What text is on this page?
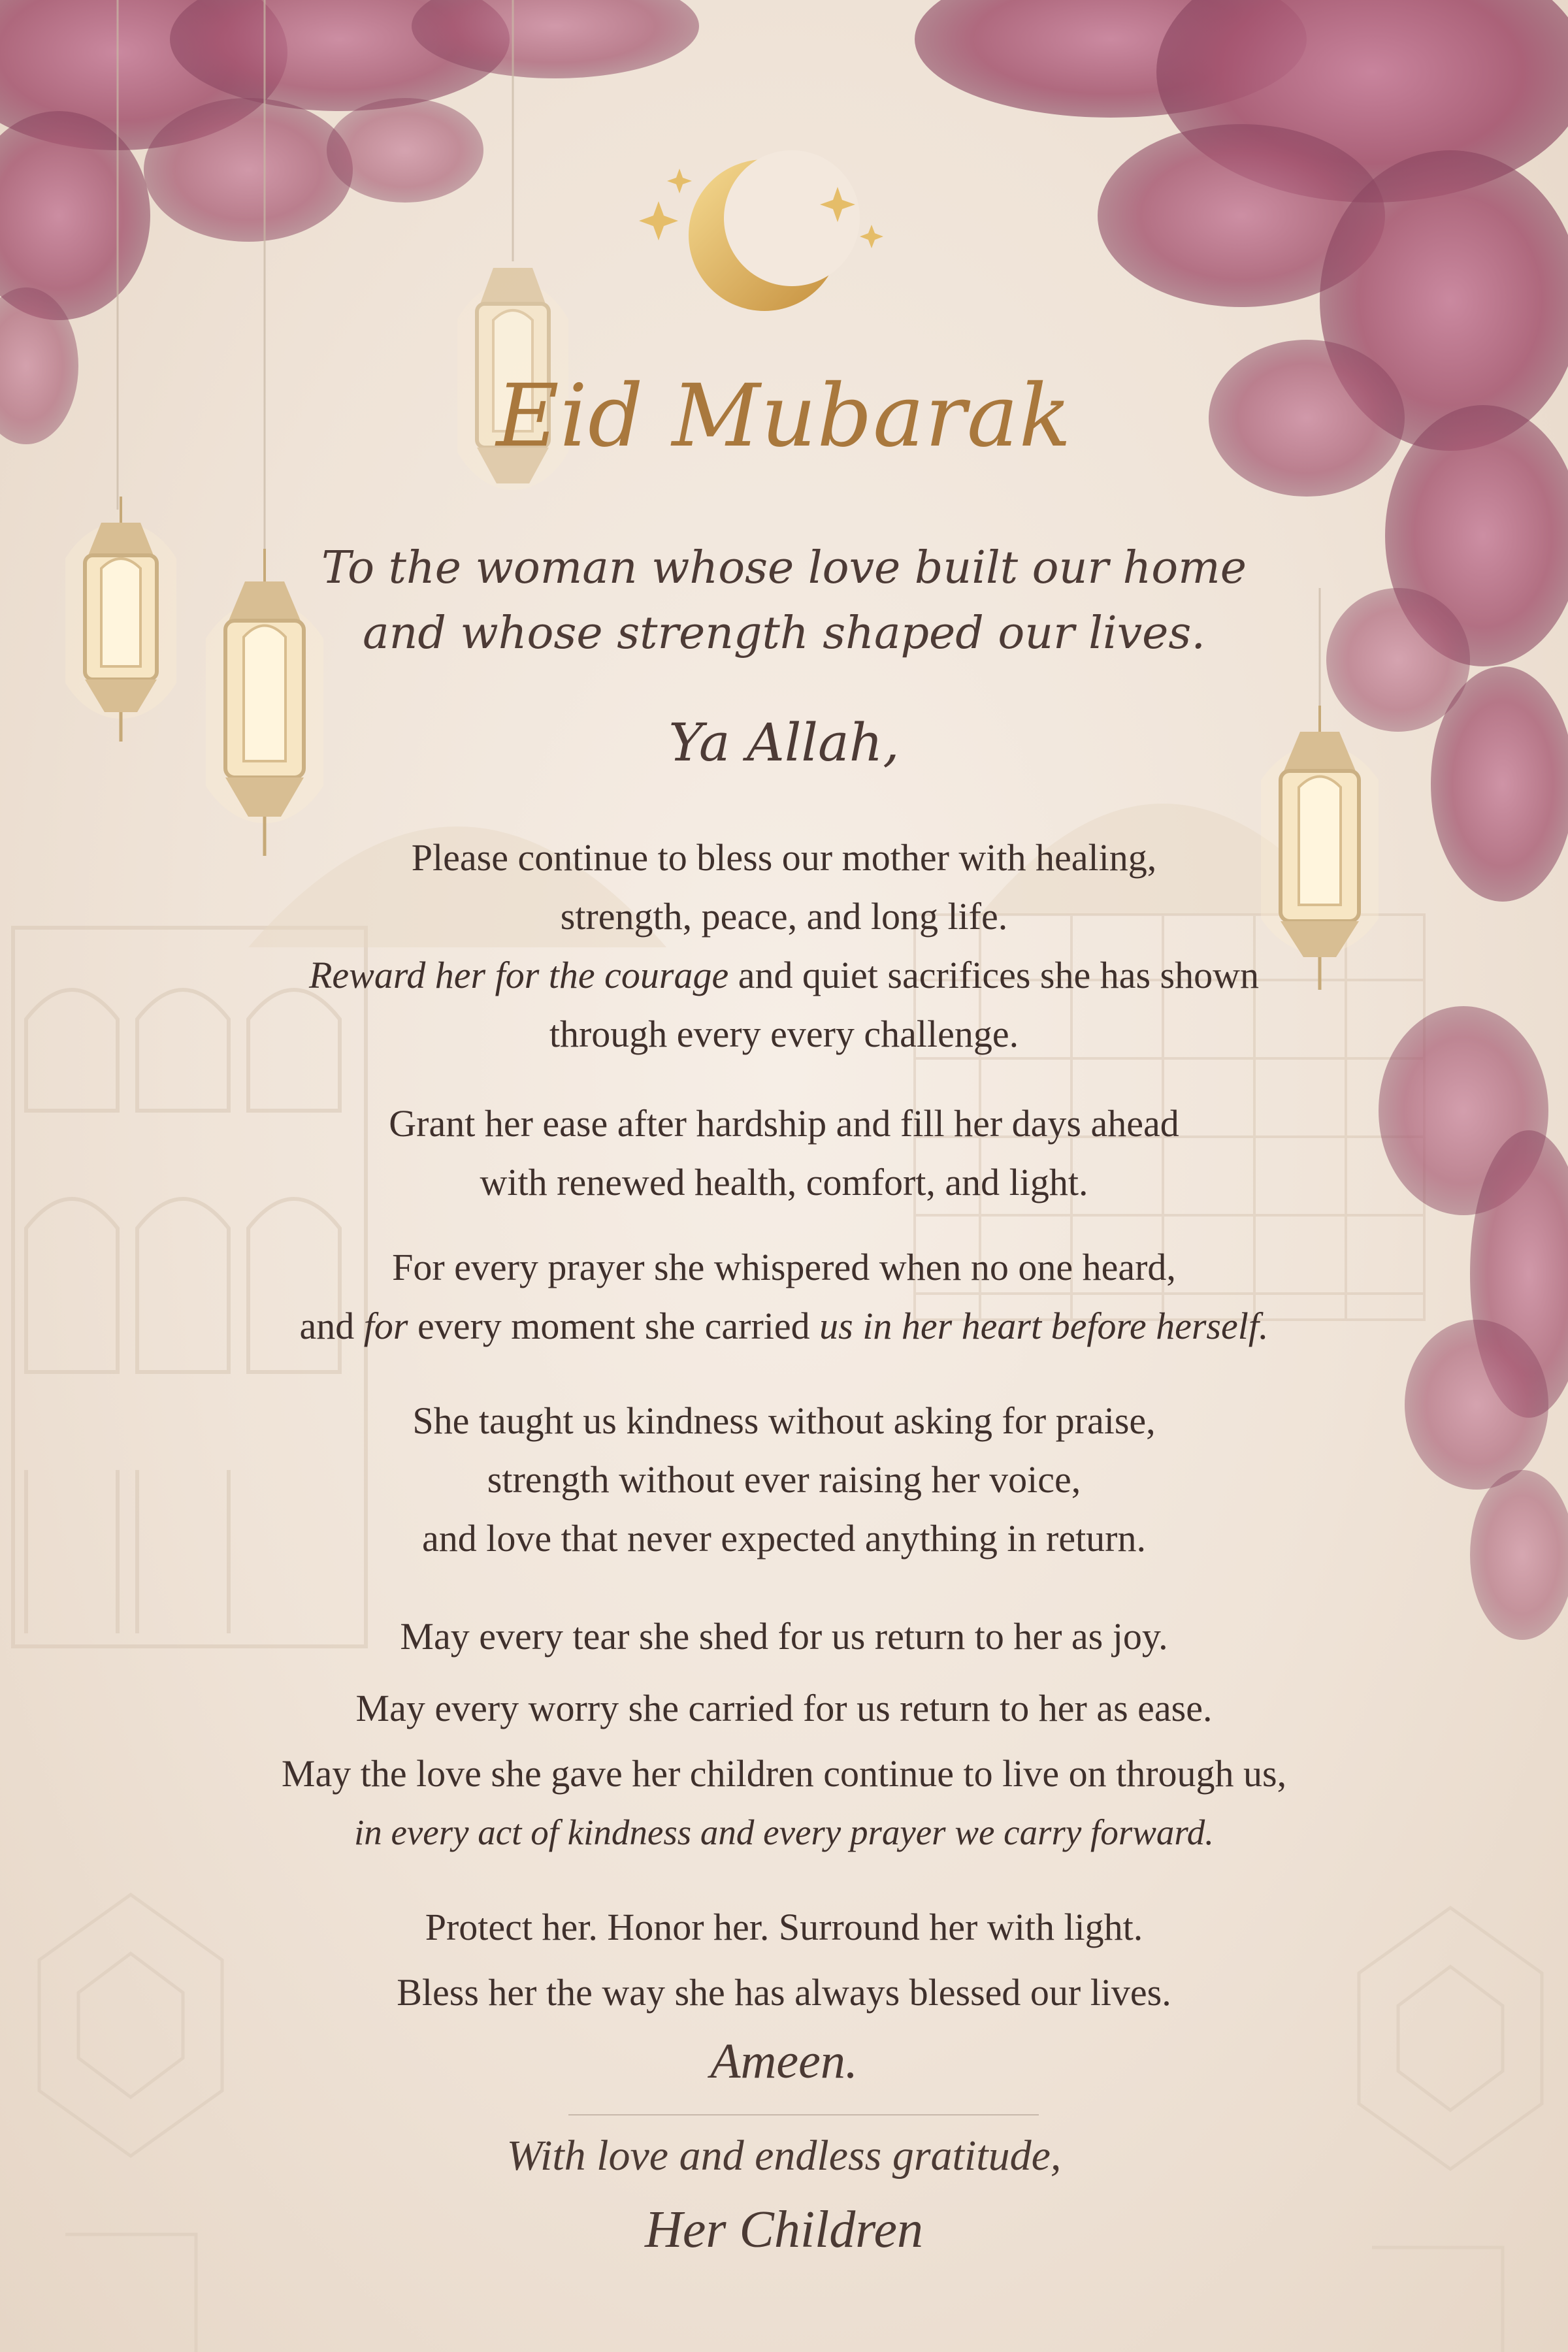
Eid Mubarak
To the woman whose love built our home
and whose strength shaped our lives.
Ya Allah,
Please continue to bless our mother with healing,
strength, peace, and long life.
Reward her for the courage and quiet sacrifices she has shown
through every every challenge.
Grant her ease after hardship and fill her days ahead
with renewed health, comfort, and light.
For every prayer she whispered when no one heard,
and for every moment she carried us in her heart before herself.
She taught us kindness without asking for praise,
strength without ever raising her voice,
and love that never expected anything in return.
May every tear she shed for us return to her as joy.
May every worry she carried for us return to her as ease.
May the love she gave her children continue to live on through us,
in every act of kindness and every prayer we carry forward.
Protect her. Honor her. Surround her with light.
Bless her the way she has always blessed our lives.
Ameen.
With love and endless gratitude,
Her Children
